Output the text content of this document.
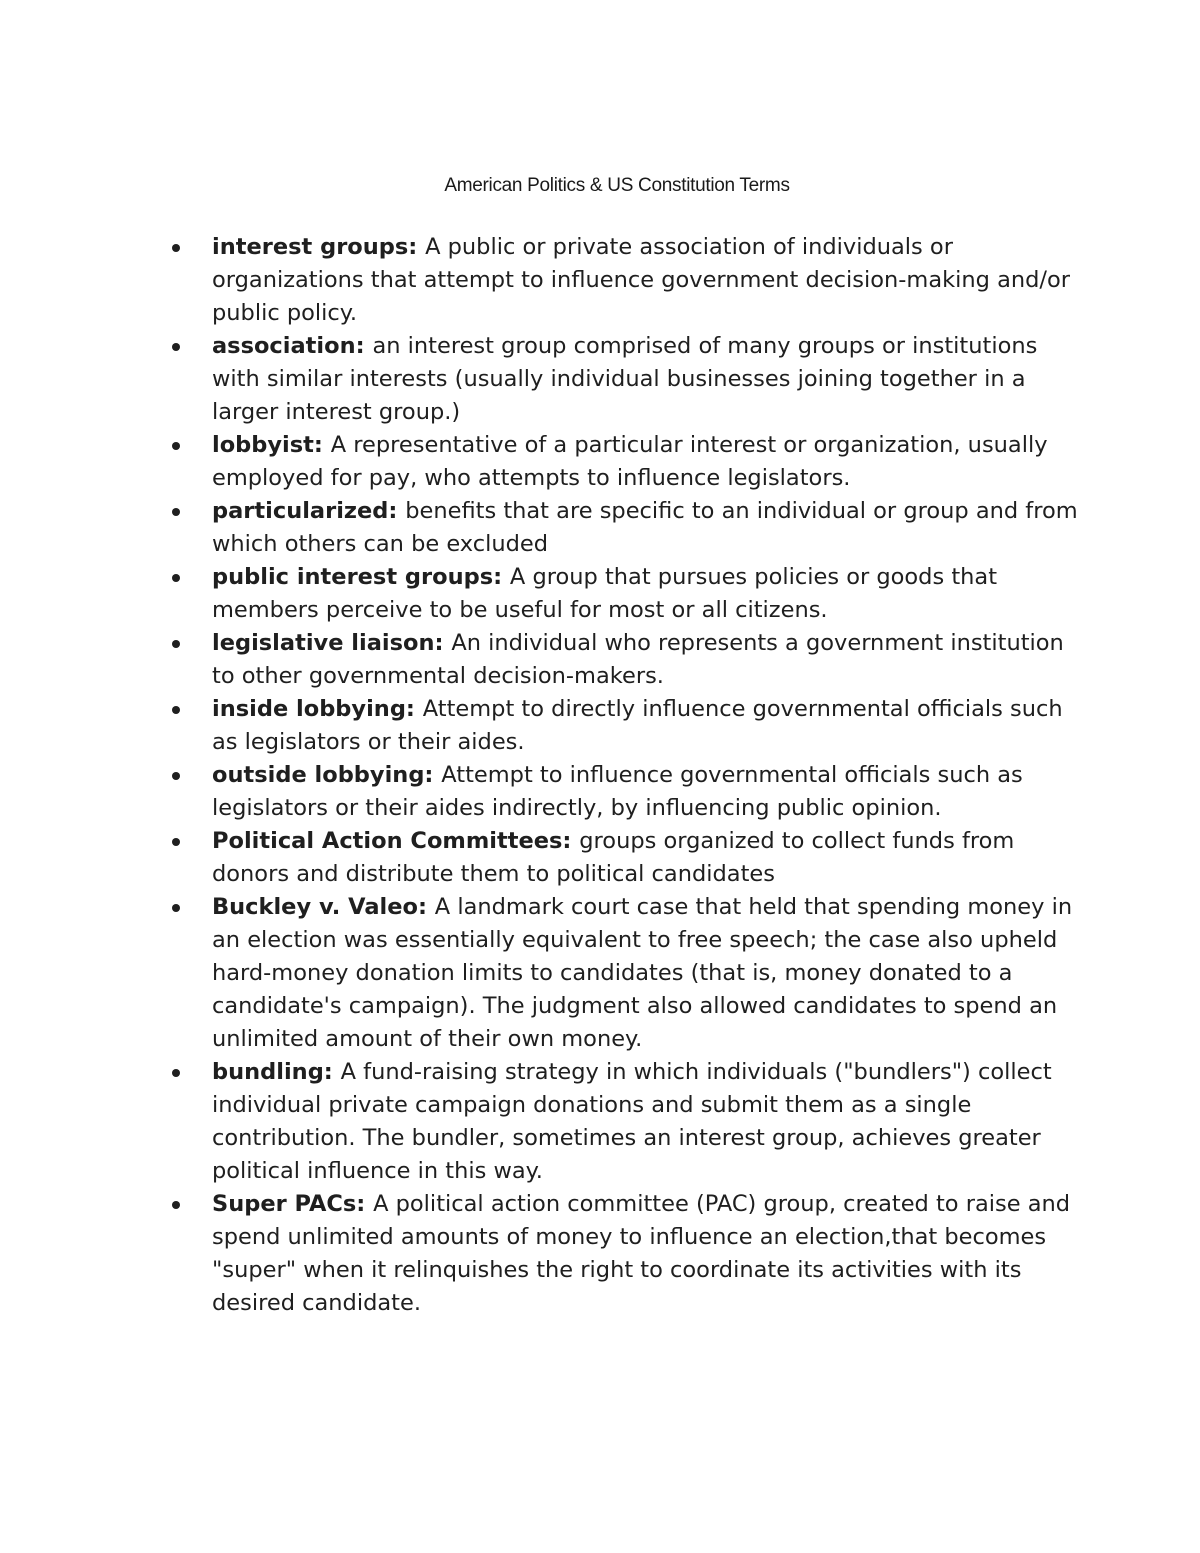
American Politics & US Constitution Terms
interest groups: A public or private association of individuals or organizations that attempt to influence government decision-making and/or public policy.
association: an interest group comprised of many groups or institutions with similar interests (usually individual businesses joining together in a larger interest group.)
lobbyist: A representative of a particular interest or organization, usually employed for pay, who attempts to influence legislators.
particularized: benefits that are specific to an individual or group and from which others can be excluded
public interest groups: A group that pursues policies or goods that members perceive to be useful for most or all citizens.
legislative liaison: An individual who represents a government institution to other governmental decision-makers.
inside lobbying: Attempt to directly influence governmental officials such as legislators or their aides.
outside lobbying: Attempt to influence governmental officials such as legislators or their aides indirectly, by influencing public opinion.
Political Action Committees: groups organized to collect funds from donors and distribute them to political candidates
Buckley v. Valeo: A landmark court case that held that spending money in an election was essentially equivalent to free speech; the case also upheld hard-money donation limits to candidates (that is, money donated to a candidate's campaign). The judgment also allowed candidates to spend an unlimited amount of their own money.
bundling: A fund-raising strategy in which individuals ("bundlers") collect individual private campaign donations and submit them as a single contribution. The bundler, sometimes an interest group, achieves greater political influence in this way.
Super PACs: A political action committee (PAC) group, created to raise and spend unlimited amounts of money to influence an election,that becomes "super" when it relinquishes the right to coordinate its activities with its desired candidate.
